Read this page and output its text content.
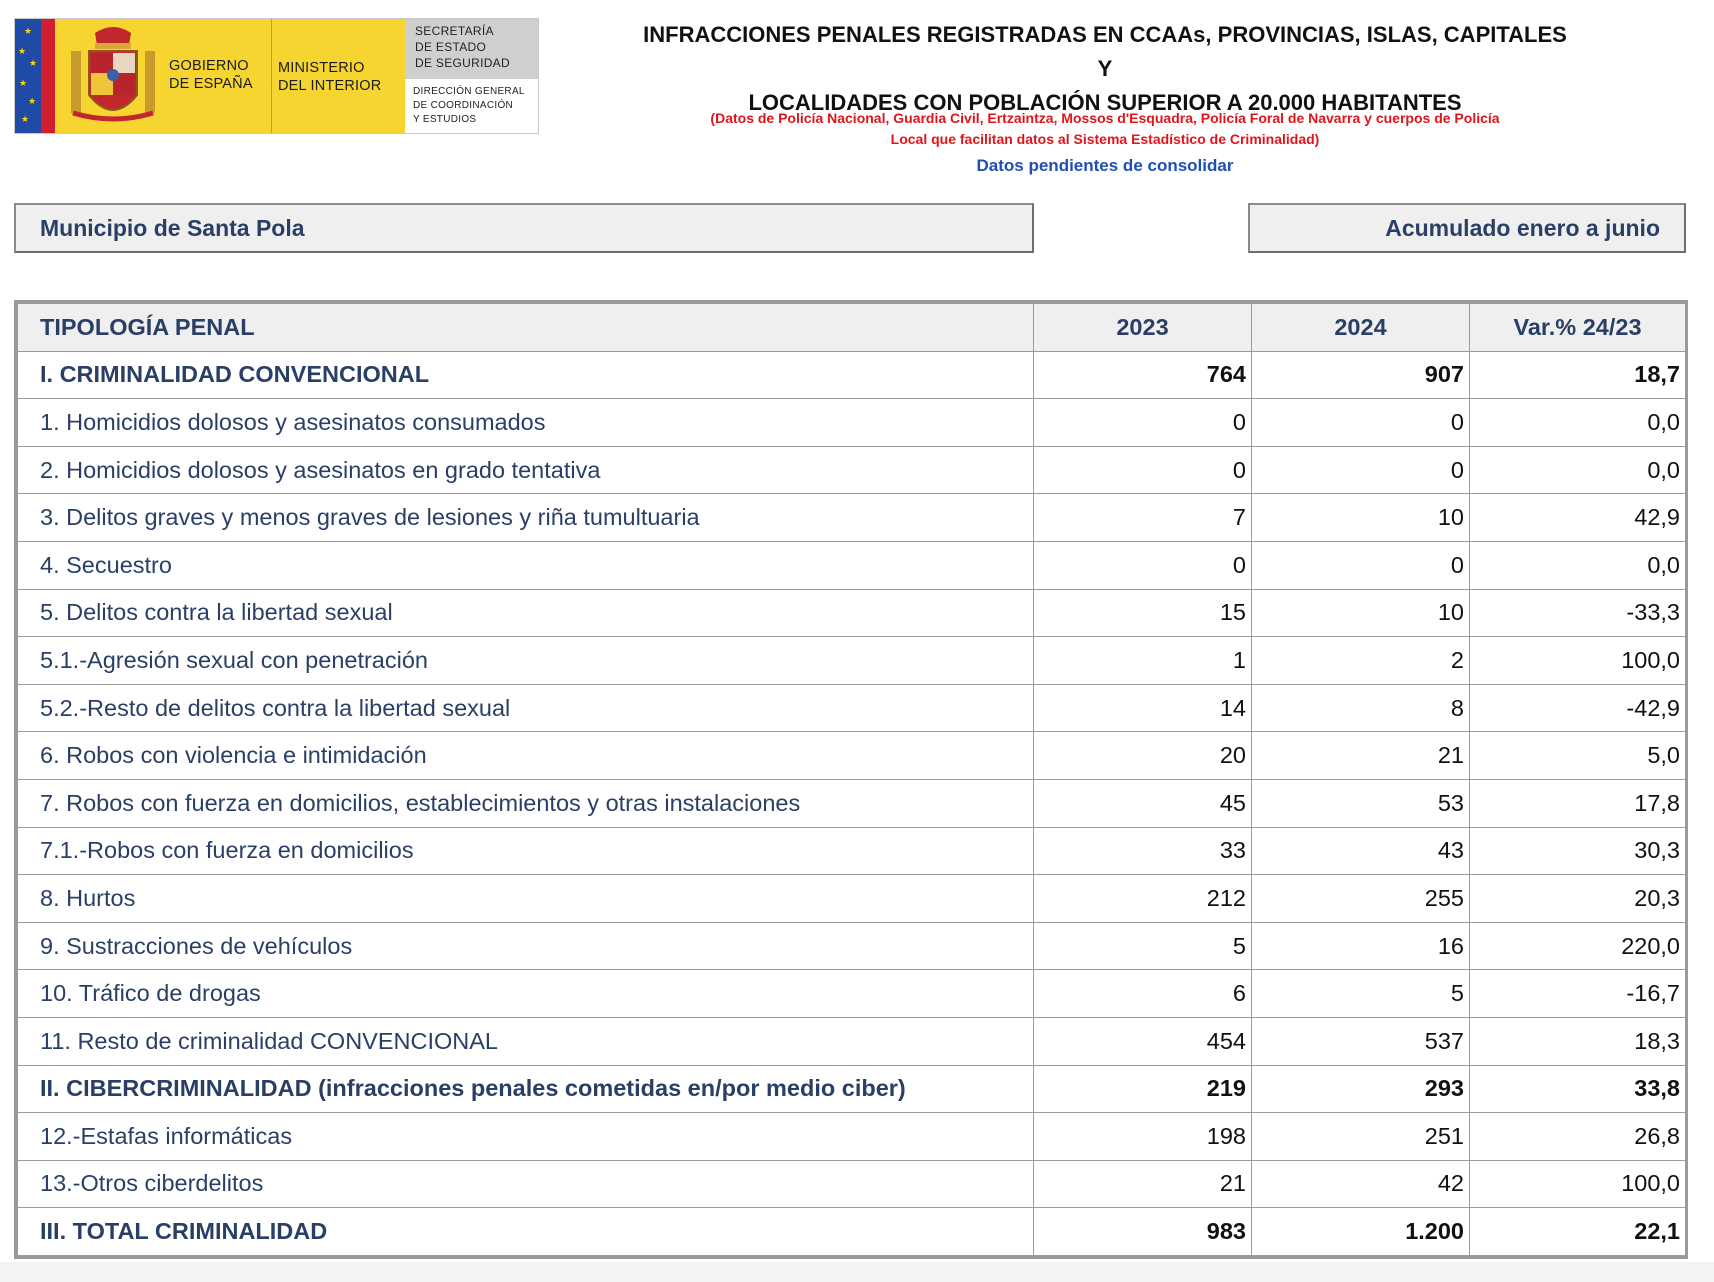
★
★
★
★
★
★
GOBIERNO
DE ESPAÑA
MINISTERIO
DEL INTERIOR
SECRETARÍA
DE ESTADO
DE SEGURIDAD
DIRECCIÓN GENERAL
DE COORDINACIÓN
Y ESTUDIOS
INFRACCIONES PENALES REGISTRADAS EN CCAAs, PROVINCIAS, ISLAS, CAPITALES Y
LOCALIDADES CON POBLACIÓN SUPERIOR A 20.000 HABITANTES
(Datos de Policía Nacional, Guardia Civil, Ertzaintza, Mossos d'Esquadra, Policía Foral de Navarra y cuerpos de Policía
Local que facilitan datos al Sistema Estadístico de Criminalidad)
Datos pendientes de consolidar
Municipio de Santa Pola	Acumulado enero a junio
TIPOLOGÍA PENAL	2023	2024	Var.% 24/23
I. CRIMINALIDAD CONVENCIONAL	764	907	18,7
1. Homicidios dolosos y asesinatos consumados	0	0	0,0
2. Homicidios dolosos y asesinatos en grado tentativa	0	0	0,0
3. Delitos graves y menos graves de lesiones y riña tumultuaria	7	10	42,9
4. Secuestro	0	0	0,0
5. Delitos contra la libertad sexual	15	10	-33,3
5.1.-Agresión sexual con penetración	1	2	100,0
5.2.-Resto de delitos contra la libertad sexual	14	8	-42,9
6. Robos con violencia e intimidación	20	21	5,0
7. Robos con fuerza en domicilios, establecimientos y otras instalaciones	45	53	17,8
7.1.-Robos con fuerza en domicilios	33	43	30,3
8. Hurtos	212	255	20,3
9. Sustracciones de vehículos	5	16	220,0
10. Tráfico de drogas	6	5	-16,7
11. Resto de criminalidad CONVENCIONAL	454	537	18,3
II. CIBERCRIMINALIDAD (infracciones penales cometidas en/por medio ciber)	219	293	33,8
12.-Estafas informáticas	198	251	26,8
13.-Otros ciberdelitos	21	42	100,0
III. TOTAL CRIMINALIDAD	983	1.200	22,1
